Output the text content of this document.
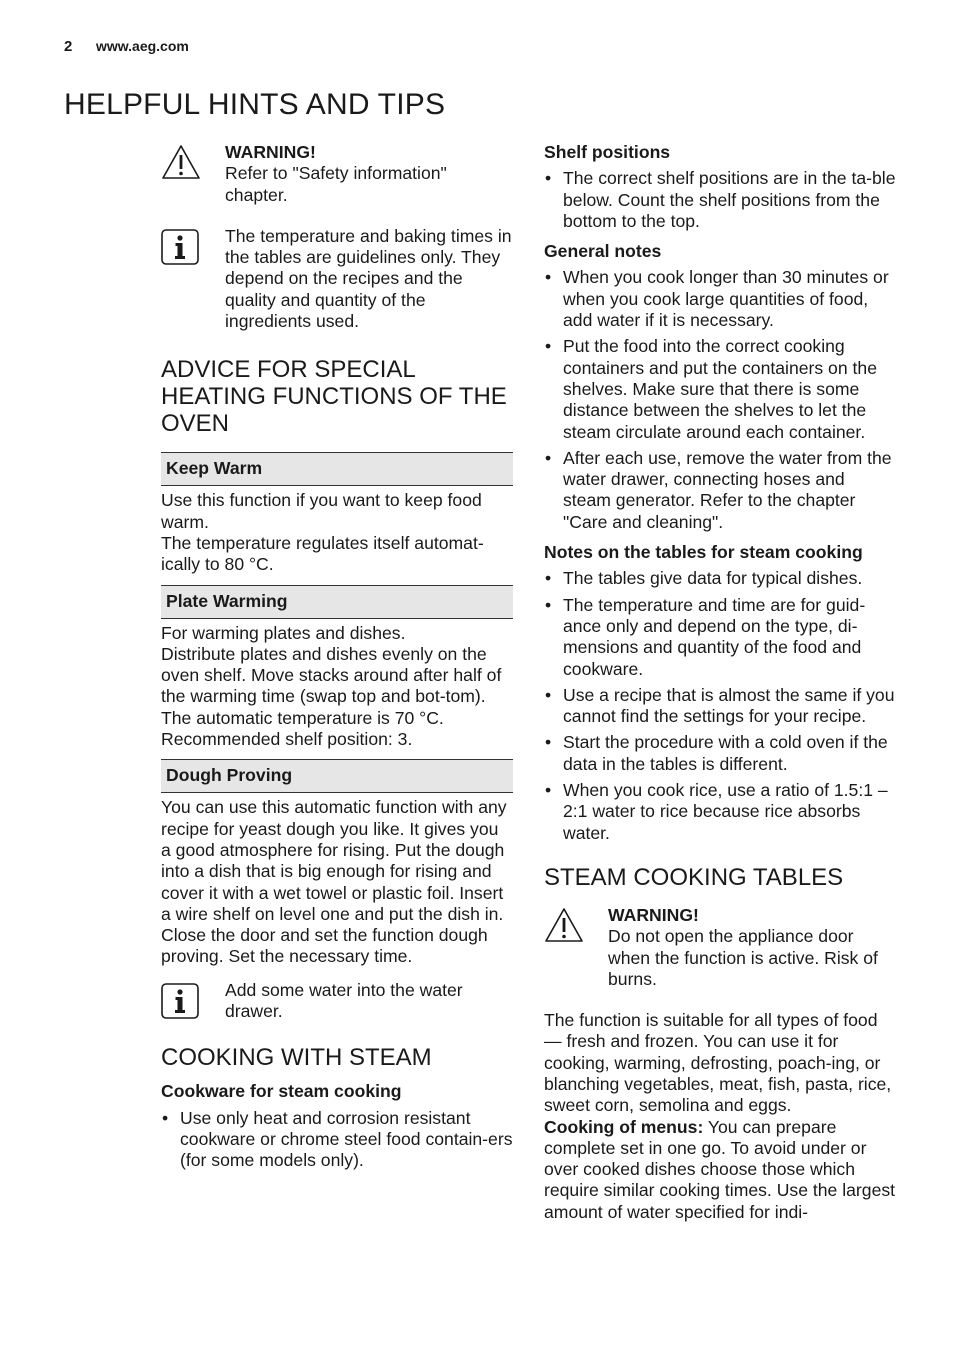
2 www.aeg.com
HELPFUL HINTS AND TIPS
WARNING!
Refer to "Safety information" chapter.
The temperature and baking times in the tables are guidelines only. They depend on the recipes and the quality and quantity of the ingredients used.
ADVICE FOR SPECIAL HEATING FUNCTIONS OF THE OVEN
Keep Warm

Use this function if you want to keep food warm.

The temperature regulates itself automat-ically to 80 °C.

Plate Warming

For warming plates and dishes.

Distribute plates and dishes evenly on the oven shelf. Move stacks around after half of the warming time (swap top and bot-tom).

The automatic temperature is 70 °C.

Recommended shelf position: 3.

Dough Proving

You can use this automatic function with any recipe for yeast dough you like. It gives you a good atmosphere for rising. Put the dough into a dish that is big enough for rising and cover it with a wet towel or plastic foil. Insert a wire shelf on level one and put the dish in. Close the door and set the function dough proving. Set the necessary time.

Add some water into the water drawer.
COOKING WITH STEAM
Cookware for steam cooking
• Use only heat and corrosion resistant cookware or chrome steel food contain-ers (for some models only).
Shelf positions
• The correct shelf positions are in the ta-ble below. Count the shelf positions from the bottom to the top.
General notes
• When you cook longer than 30 minutes or when you cook large quantities of food, add water if it is necessary.
• Put the food into the correct cooking containers and put the containers on the shelves. Make sure that there is some distance between the shelves to let the steam circulate around each container.
• After each use, remove the water from the water drawer, connecting hoses and steam generator. Refer to the chapter "Care and cleaning".
Notes on the tables for steam cooking
• The tables give data for typical dishes.
• The temperature and time are for guid-ance only and depend on the type, di-mensions and quantity of the food and cookware.
• Use a recipe that is almost the same if you cannot find the settings for your recipe.
• Start the procedure with a cold oven if the data in the tables is different.
• When you cook rice, use a ratio of 1.5:1 – 2:1 water to rice because rice absorbs water.
STEAM COOKING TABLES
WARNING!
Do not open the appliance door when the function is active. Risk of burns.

The function is suitable for all types of food — fresh and frozen. You can use it for cooking, warming, defrosting, poach-ing, or blanching vegetables, meat, fish, pasta, rice, sweet corn, semolina and eggs.

Cooking of menus: You can prepare complete set in one go. To avoid under or over cooked dishes choose those which require similar cooking times. Use the largest amount of water specified for indi-
